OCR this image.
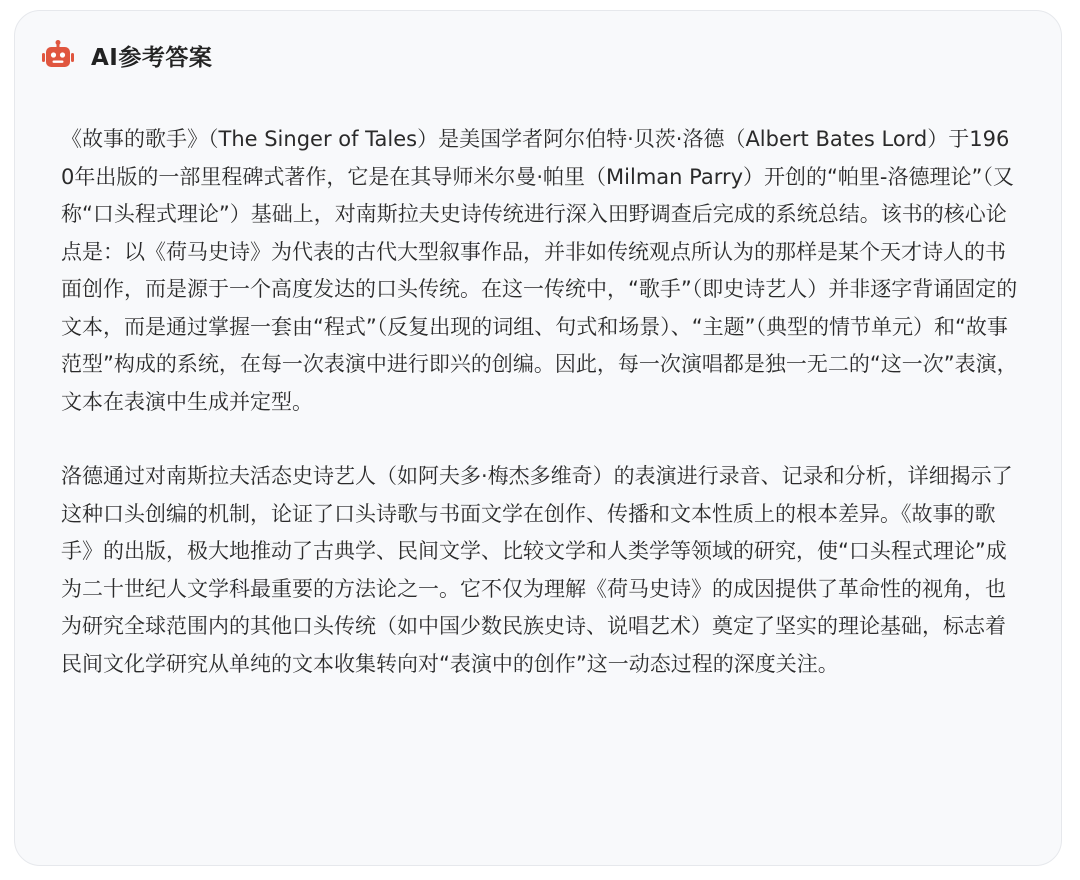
AI参考答案

《故事的歌手》（The Singer of Tales）是美国学者阿尔伯特·贝茨·洛德（Albert Bates Lord）于1960年出版的一部里程碑式著作，它是在其导师米尔曼·帕里（Milman Parry）开创的“帕里-洛德理论”（又称“口头程式理论”）基础上，对南斯拉夫史诗传统进行深入田野调查后完成的系统总结。该书的核心论点是：以《荷马史诗》为代表的古代大型叙事作品，并非如传统观点所认为的那样是某个天才诗人的书面创作，而是源于一个高度发达的口头传统。在这一传统中，“歌手”（即史诗艺人）并非逐字背诵固定的文本，而是通过掌握一套由“程式”（反复出现的词组、句式和场景）、“主题”（典型的情节单元）和“故事范型”构成的系统，在每一次表演中进行即兴的创编。因此，每一次演唱都是独一无二的“这一次”表演，文本在表演中生成并定型。

洛德通过对南斯拉夫活态史诗艺人（如阿夫多·梅杰多维奇）的表演进行录音、记录和分析，详细揭示了这种口头创编的机制，论证了口头诗歌与书面文学在创作、传播和文本性质上的根本差异。《故事的歌手》的出版，极大地推动了古典学、民间文学、比较文学和人类学等领域的研究，使“口头程式理论”成为二十世纪人文学科最重要的方法论之一。它不仅为理解《荷马史诗》的成因提供了革命性的视角，也为研究全球范围内的其他口头传统（如中国少数民族史诗、说唱艺术）奠定了坚实的理论基础，标志着民间文化学研究从单纯的文本收集转向对“表演中的创作”这一动态过程的深度关注。
